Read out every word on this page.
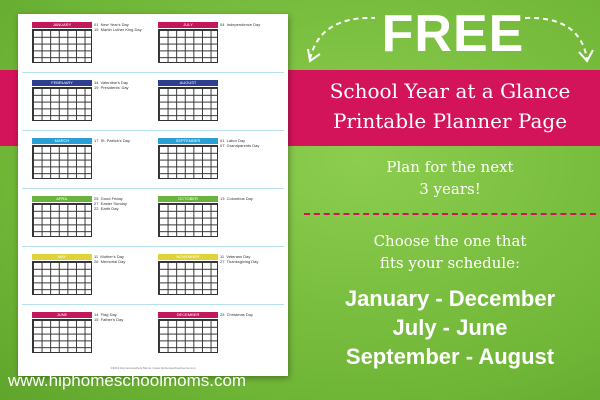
JANUARY	01  New Year's Day
15  Martin Luther King Day
FEBRUARY	14  Valentine's Day
19  Presidents' Day
MARCH	17  St. Patrick's Day
APRIL	25  Good Friday
27  Easter Sunday
22  Earth Day
MAY	11  Mother's Day
26  Memorial Day
JUNE	14  Flag Day
15  Father's Day
JULY	04  Independence Day
AUGUST
SEPTEMBER	01  Labor Day
07  Grandparents Day
OCTOBER	13  Columbus Day
NOVEMBER	11  Veterans Day
27  Thanksgiving Day
DECEMBER	25  Christmas Day
©2013 Hip Homeschool Moms | www.hiphomeschoolmoms.com
FREE
School Year at a Glance
Printable Planner Page
Plan for the next
3 years!
Choose the one that
fits your schedule:
January - December
July - June
September - August
www.hiphomeschoolmoms.com
